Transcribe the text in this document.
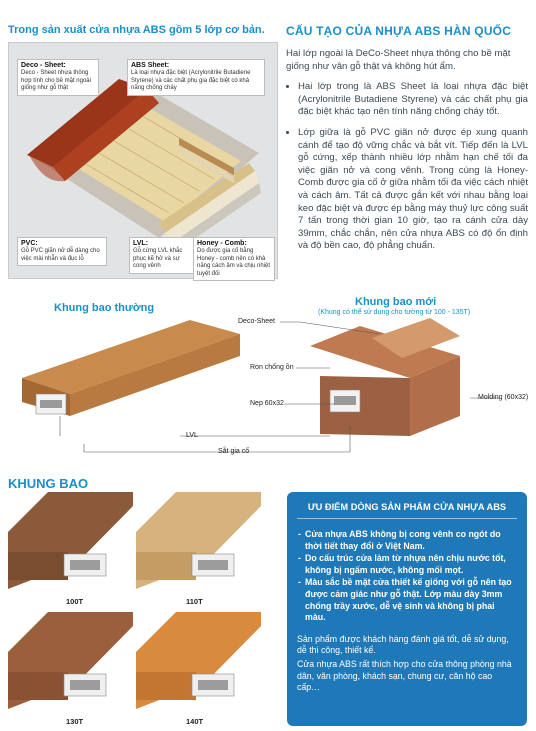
Trong sản xuất cửa nhựa ABS gồm 5 lớp cơ bản.
Deco - Sheet:
Deco - Sheet nhựa thông hợp tính cho bề mặt ngoài giống như gỗ thật
ABS Sheet:
Là loại nhựa đặc biệt (Acrylonitrile Butadiene Styrene) và các chất phụ gia đặc biệt có khả năng chống cháy
PVC:
Gỗ PVC giãn nở dễ dàng cho việc mài nhẵn và đục lỗ
LVL:
Gỗ cứng LVL khắc phục kẽ hở và sự cong vênh
Honey - Comb:
Do được gia cố bằng Honey - comb nên có khả năng cách âm và chịu nhiệt tuyệt đối
CẤU TẠO CỦA NHỰA ABS HÀN QUỐC

Hai lớp ngoài là DeCo-Sheet nhựa thông cho bề mặt giống như vân gỗ thật và không hút ẩm.

• Hai lớp trong là ABS Sheet là loại nhựa đặc biệt (Acrylonitrile Butadiene Styrene) và các chất phụ gia đặc biệt khác tạo nên tính năng chống cháy tốt.
• Lớp giữa là gỗ PVC giãn nở được ép xung quanh cánh để tạo độ vững chắc và bắt vít. Tiếp đến là LVL gỗ cứng, xếp thành nhiều lớp nhằm hạn chế tối đa việc giãn nở và cong vênh. Trong cùng là Honey-Comb được gia cố ở giữa nhằm tối đa việc cách nhiệt và cách âm. Tất cả được gắn kết với nhau bằng loại keo đặc biệt và được ép bằng máy thuỷ lực công suất 7 tấn trong thời gian 10 giờ, tạo ra cánh cửa dày 39mm, chắc chắn, nên cửa nhựa ABS có độ ổn định và độ bền cao, độ phẳng chuẩn.
Khung bao thường	Khung bao mới
(Khung có thể sử dụng cho tường từ 100 - 135T)
Deco-Sheet
Ron chống ồn
Nẹp 60x32
Molding (60x32)
LVL
Sắt gia cố
KHUNG BAO
100T	110T
130T	140T
ƯU ĐIỂM DÒNG SẢN PHẨM CỬA NHỰA ABS
- Cửa nhựa ABS không bị cong vênh co ngót do thời tiết thay đổi ở Việt Nam.
- Do cấu trúc cửa làm từ nhựa nên chịu nước tốt, không bị ngấm nước, không mối mọt.
- Màu sắc bề mặt cửa thiết kế giống với gỗ nên tạo được cảm giác như gỗ thật. Lớp màu dày 3mm chống trầy xước, dễ vệ sinh và không bị phai màu.
Sản phẩm được khách hàng đánh giá tốt, dễ sử dụng, dễ thi công, thiết kế.
Cửa nhựa ABS rất thích hợp cho cửa thông phòng nhà dân, văn phòng, khách sạn, chung cư, căn hộ cao cấp…
